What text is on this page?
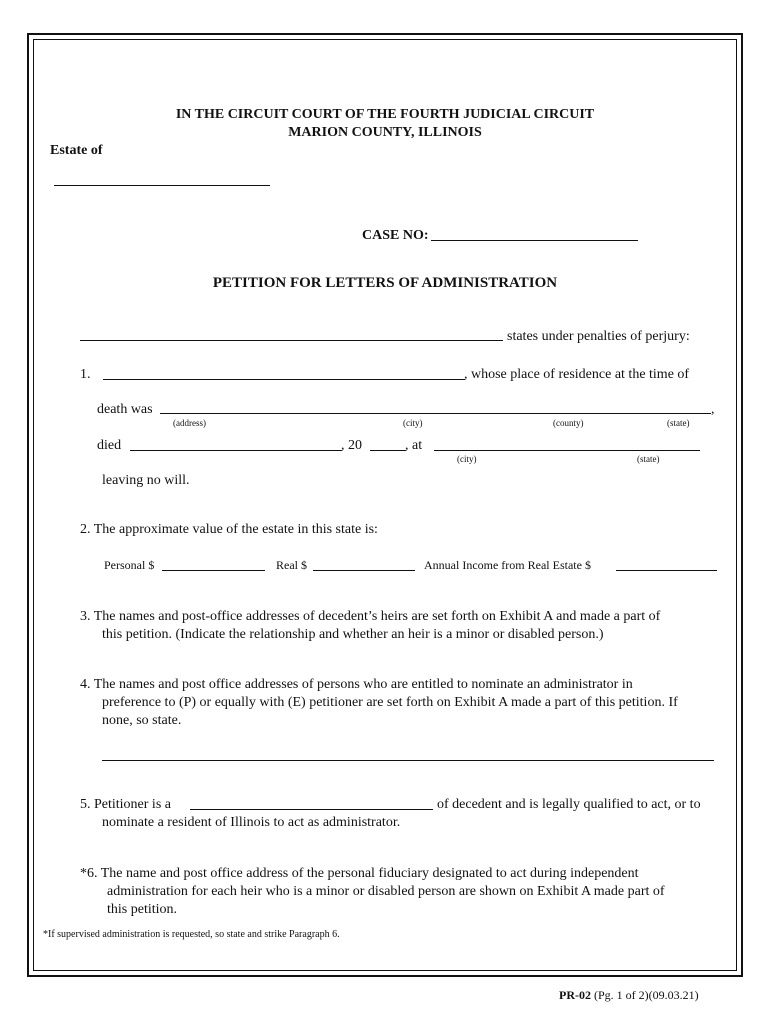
IN THE CIRCUIT COURT OF THE FOURTH JUDICIAL CIRCUIT
MARION COUNTY, ILLINOIS
Estate of
CASE NO:
PETITION FOR LETTERS OF ADMINISTRATION
states under penalties of perjury:
1.	, whose place of residence at the time of
death was	,
(address)	(city)	(county)	(state)
died	, 20	, at
(city)	(state)
leaving no will.
2. The approximate value of the estate in this state is:
Personal $	Real $	Annual Income from Real Estate $
3. The names and post-office addresses of decedent’s heirs are set forth on Exhibit A and made a part of
this petition. (Indicate the relationship and whether an heir is a minor or disabled person.)
4. The names and post office addresses of persons who are entitled to nominate an administrator in
preference to (P) or equally with (E) petitioner are set forth on Exhibit A made a part of this petition. If
none, so state.
5. Petitioner is a	of decedent and is legally qualified to act, or to
nominate a resident of Illinois to act as administrator.
*6. The name and post office address of the personal fiduciary designated to act during independent
administration for each heir who is a minor or disabled person are shown on Exhibit A made part of
this petition.
*If supervised administration is requested, so state and strike Paragraph 6.
PR-02 (Pg. 1 of 2)(09.03.21)
